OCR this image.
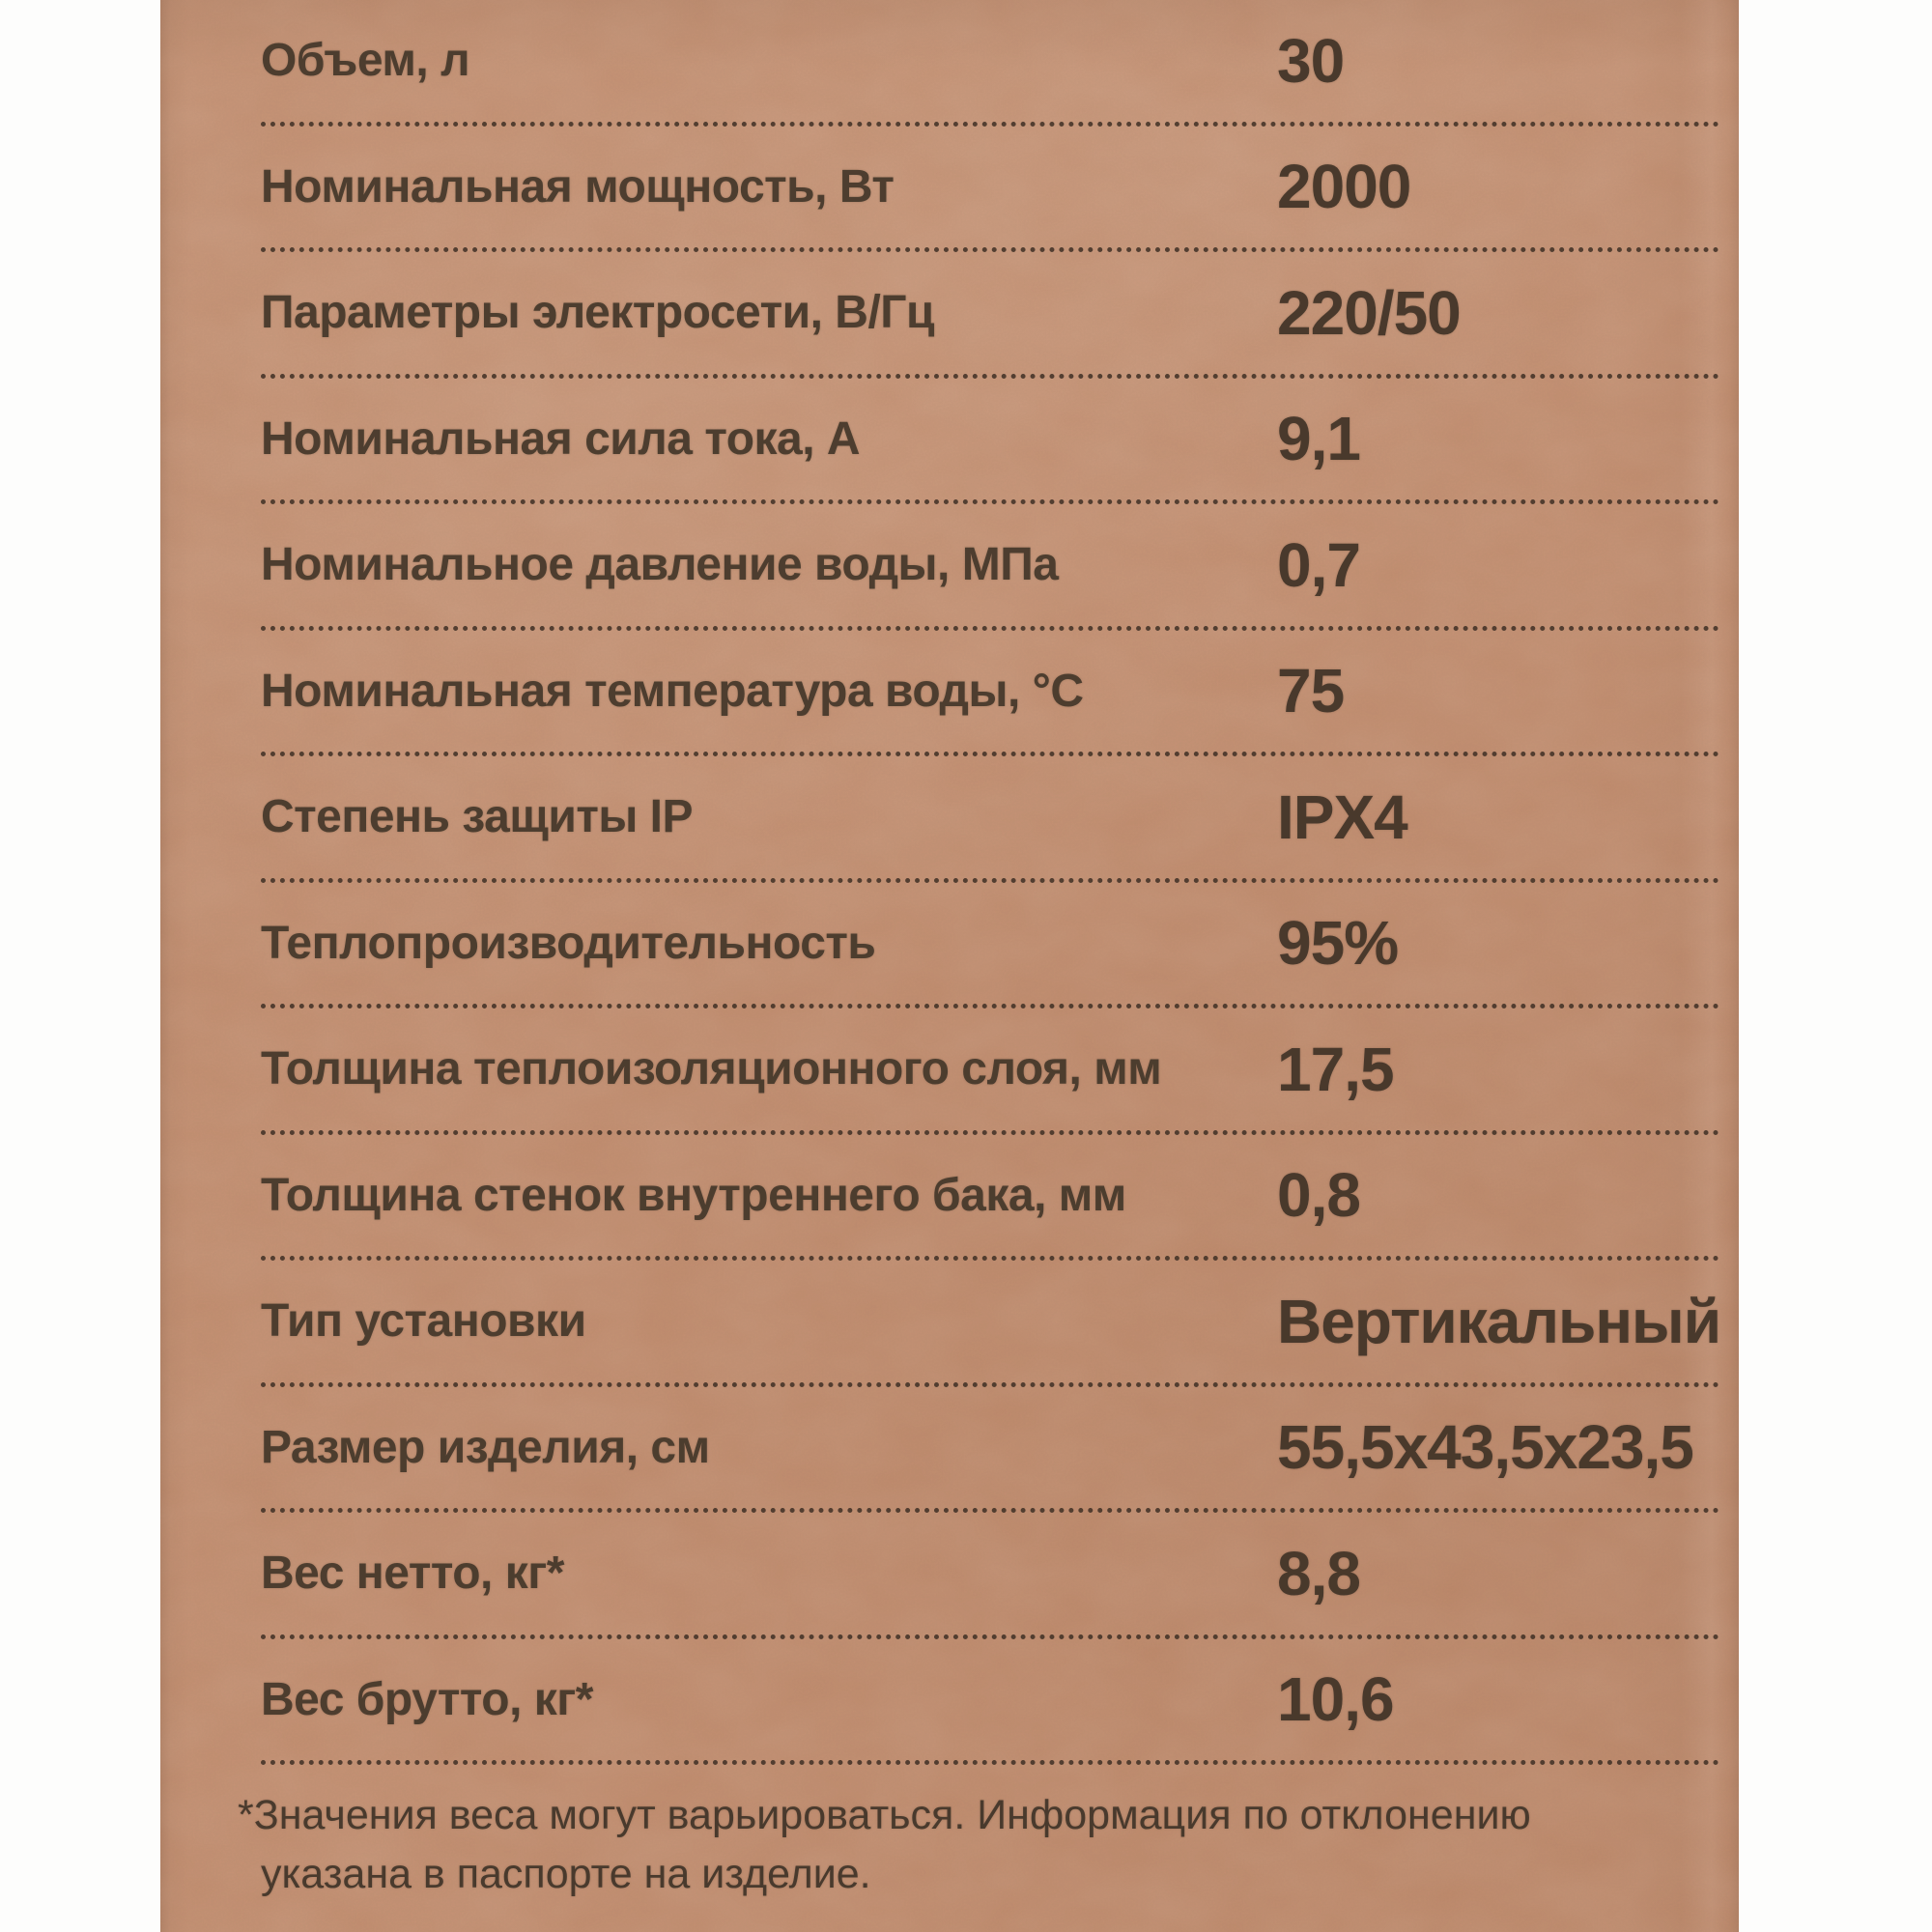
Объем, л	30
Номинальная мощность, Вт	2000
Параметры электросети, В/Гц	220/50
Номинальная сила тока, А	9,1
Номинальное давление воды, МПа	0,7
Номинальная температура воды, °С	75
Степень защиты IP	IPX4
Теплопроизводительность	95%
Толщина теплоизоляционного слоя, мм	17,5
Толщина стенок внутреннего бака, мм	0,8
Тип установки	Вертикальный
Размер изделия, см	55,5х43,5х23,5
Вес нетто, кг*	8,8
Вес брутто, кг*	10,6
*Значения веса могут варьироваться. Информация по отклонению
указана в паспорте на изделие.
